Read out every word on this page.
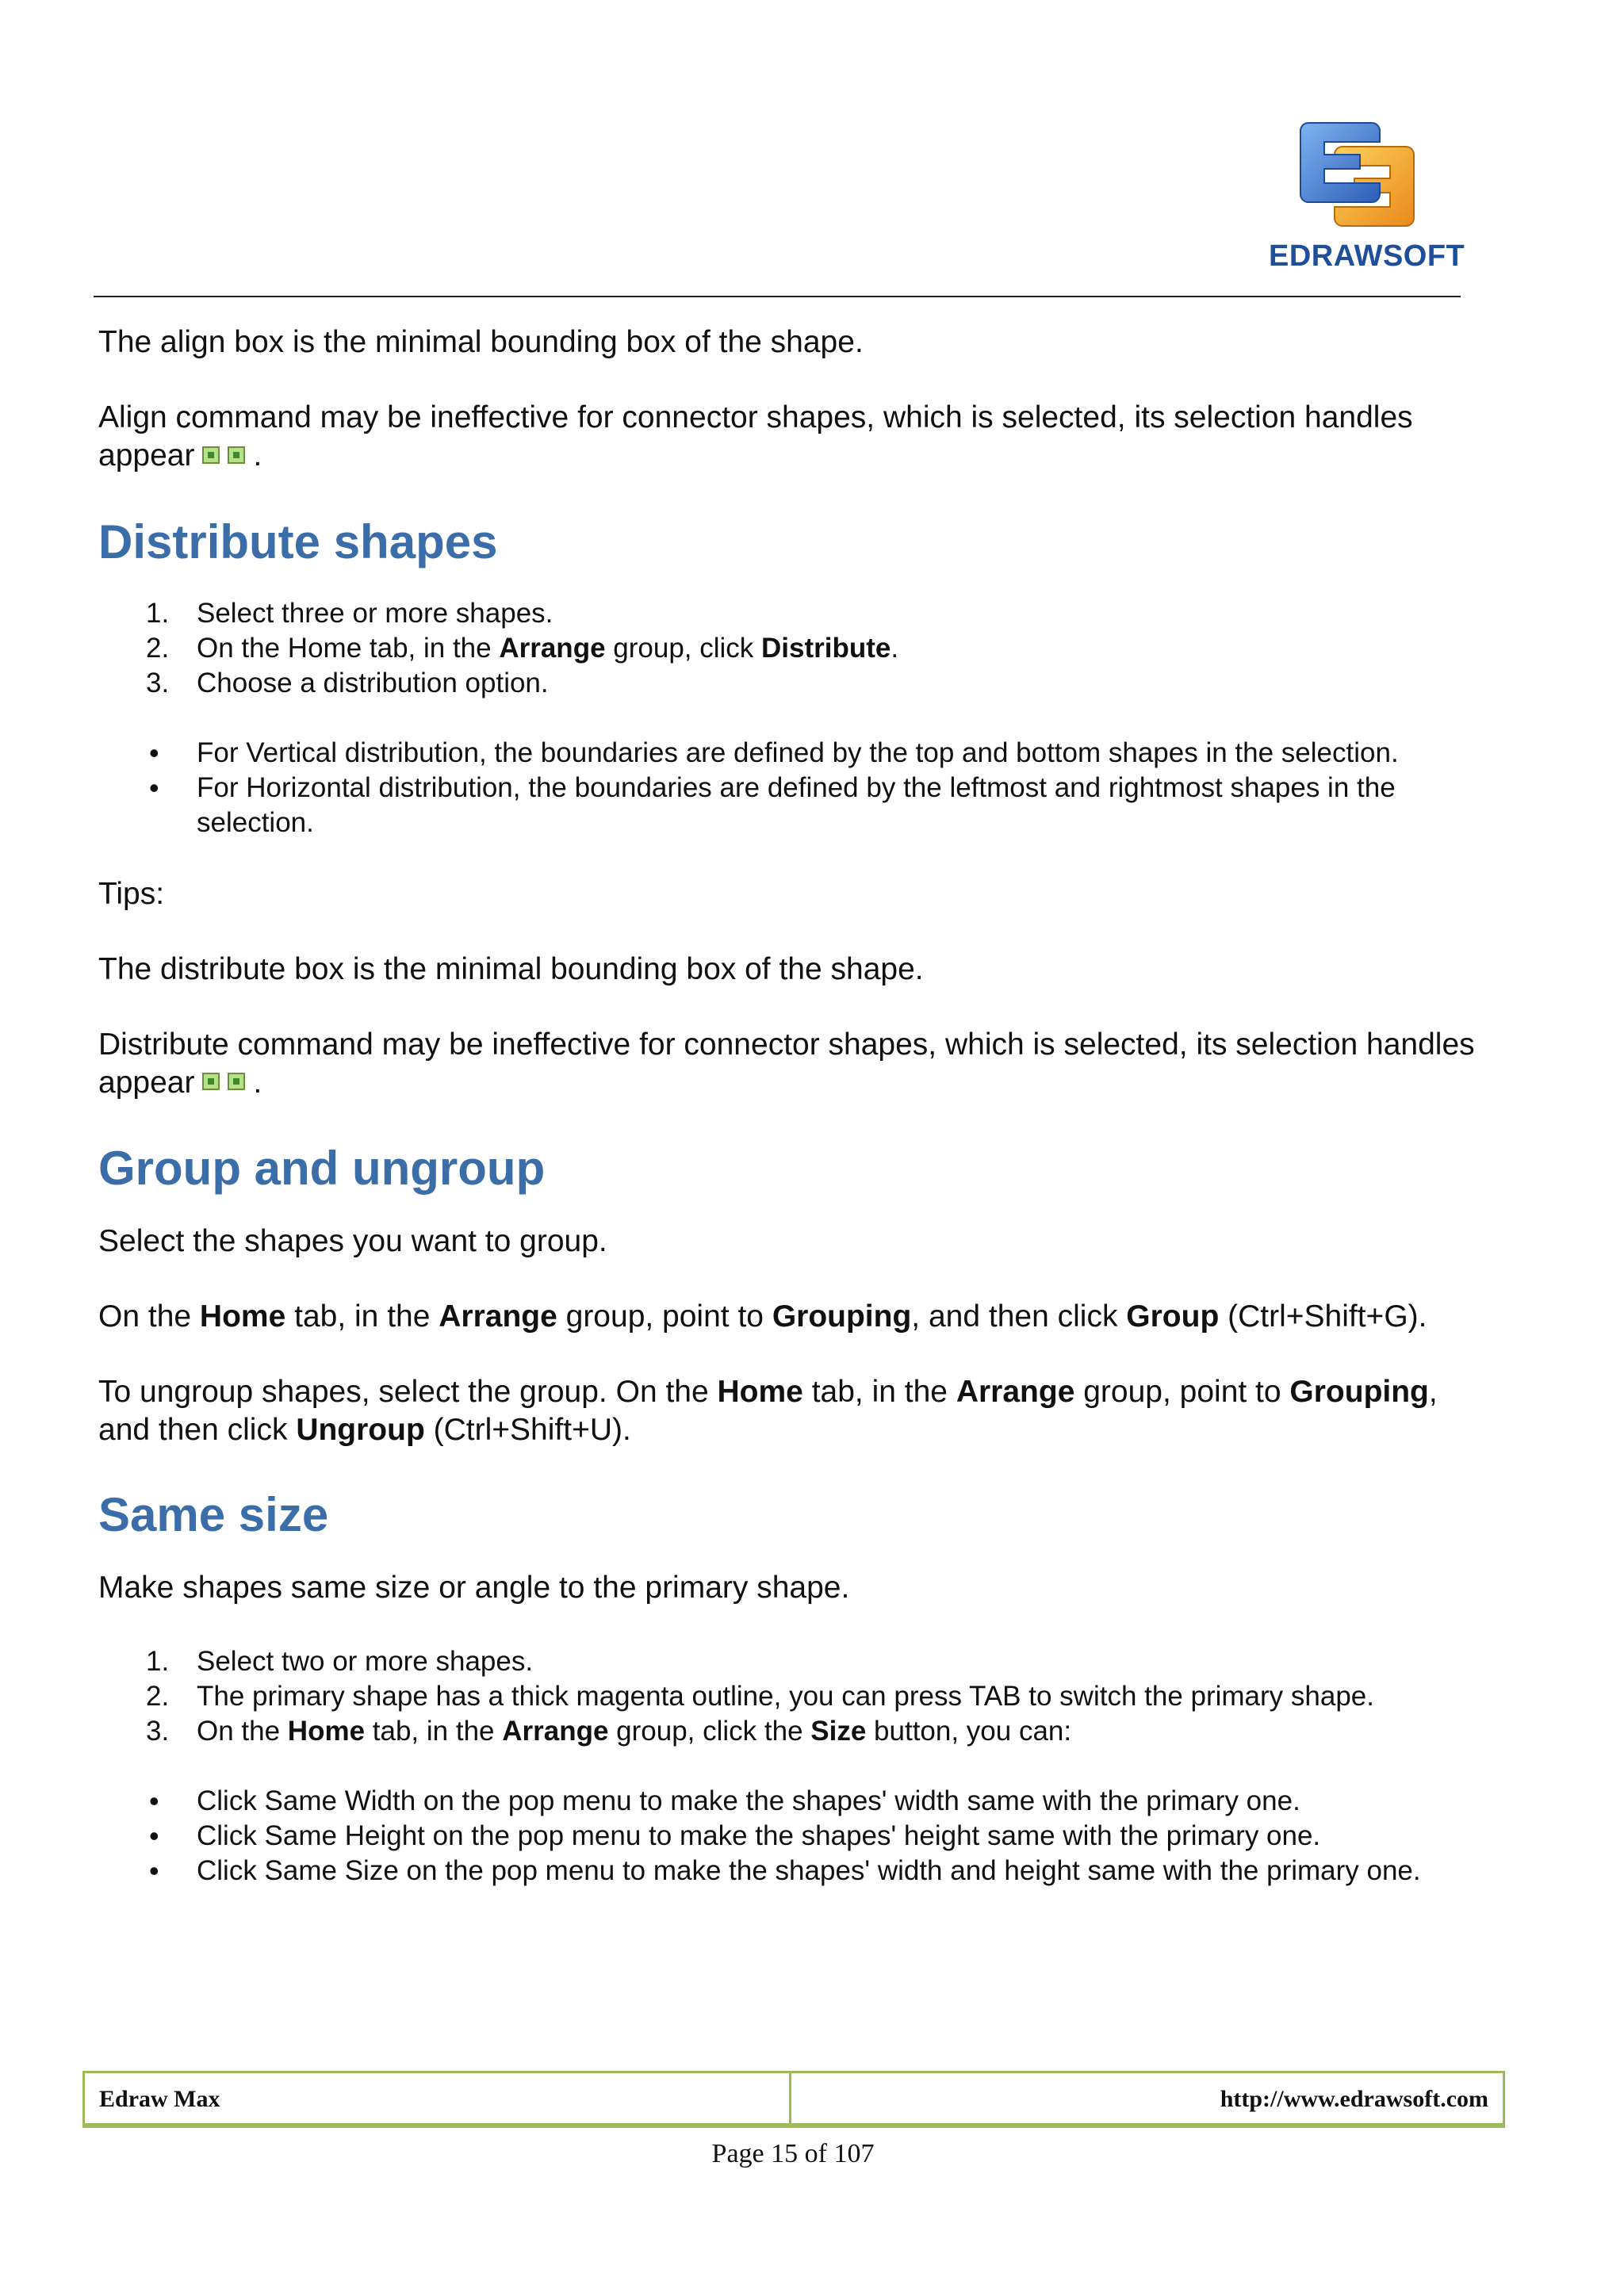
EDRAWSOFT

The align box is the minimal bounding box of the shape.

Align command may be ineffective for connector shapes, which is selected, its selection handles appear .

Distribute shapes
1. Select three or more shapes.
2. On the Home tab, in the Arrange group, click Distribute.
3. Choose a distribution option.
• For Vertical distribution, the boundaries are defined by the top and bottom shapes in the selection.
• For Horizontal distribution, the boundaries are defined by the leftmost and rightmost shapes in the selection.

Tips:

The distribute box is the minimal bounding box of the shape.

Distribute command may be ineffective for connector shapes, which is selected, its selection handles appear .

Group and ungroup

Select the shapes you want to group.

On the Home tab, in the Arrange group, point to Grouping, and then click Group (Ctrl+Shift+G).

To ungroup shapes, select the group. On the Home tab, in the Arrange group, point to Grouping, and then click Ungroup (Ctrl+Shift+U).

Same size

Make shapes same size or angle to the primary shape.

1. Select two or more shapes.
2. The primary shape has a thick magenta outline, you can press TAB to switch the primary shape.
3. On the Home tab, in the Arrange group, click the Size button, you can:
• Click Same Width on the pop menu to make the shapes' width same with the primary one.
• Click Same Height on the pop menu to make the shapes' height same with the primary one.
• Click Same Size on the pop menu to make the shapes' width and height same with the primary one.
Edraw Max	http://www.edrawsoft.com
Page 15 of 107
